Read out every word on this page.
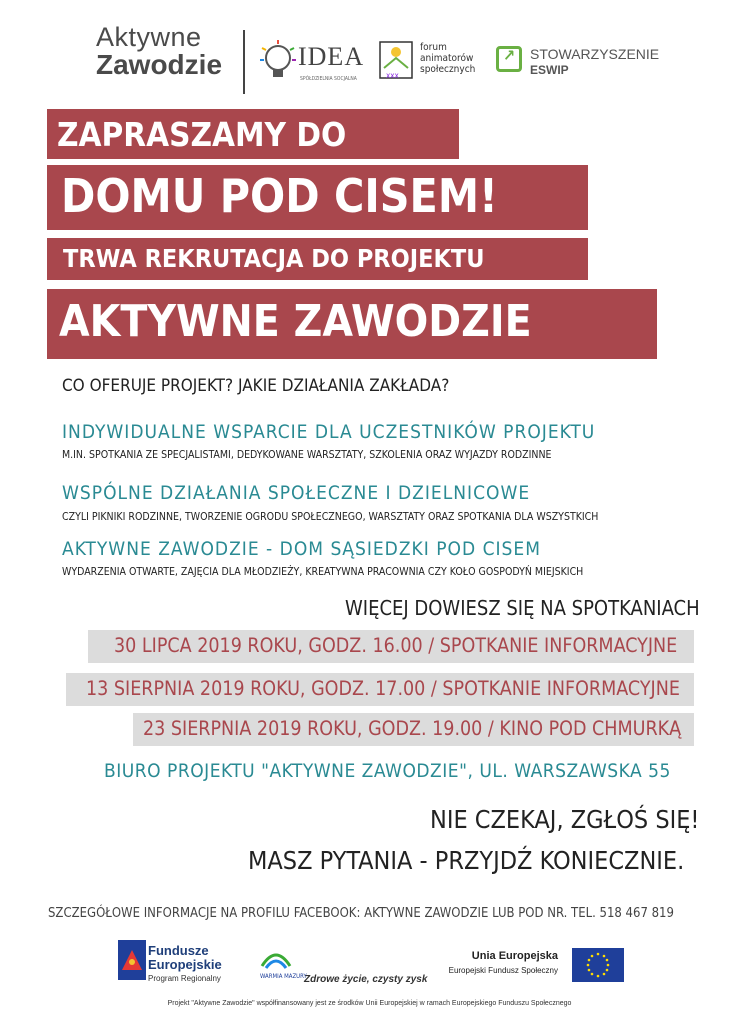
Aktywne
Zawodzie	IDEA
SPÓŁDZIELNIA SOCJALNA	xxx
forum
animatorów
społecznych
↗ STOWARZYSZENIE
ESWIP
ZAPRASZAMY DO
DOMU POD CISEM!
TRWA REKRUTACJA DO PROJEKTU
AKTYWNE ZAWODZIE
CO OFERUJE PROJEKT? JAKIE DZIAŁANIA ZAKŁADA?
INDYWIDUALNE WSPARCIE DLA UCZESTNIKÓW PROJEKTU
M.IN. SPOTKANIA ZE SPECJALISTAMI, DEDYKOWANE WARSZTATY, SZKOLENIA ORAZ WYJAZDY RODZINNE
WSPÓLNE DZIAŁANIA SPOŁECZNE I DZIELNICOWE
CZYLI PIKNIKI RODZINNE, TWORZENIE OGRODU SPOŁECZNEGO, WARSZTATY ORAZ SPOTKANIA DLA WSZYSTKICH
AKTYWNE ZAWODZIE - DOM SĄSIEDZKI POD CISEM
WYDARZENIA OTWARTE, ZAJĘCIA DLA MŁODZIEŻY, KREATYWNA PRACOWNIA CZY KOŁO GOSPODYŃ MIEJSKICH
WIĘCEJ DOWIESZ SIĘ NA SPOTKANIACH
30 LIPCA 2019 ROKU, GODZ. 16.00 / SPOTKANIE INFORMACYJNE
13 SIERPNIA 2019 ROKU, GODZ. 17.00 / SPOTKANIE INFORMACYJNE
23 SIERPNIA 2019 ROKU, GODZ. 19.00 / KINO POD CHMURKĄ
BIURO PROJEKTU "AKTYWNE ZAWODZIE", UL. WARSZAWSKA 55
NIE CZEKAJ, ZGŁOŚ SIĘ!
MASZ PYTANIA - PRZYJDŹ KONIECZNIE.
SZCZEGÓŁOWE INFORMACJE NA PROFILU FACEBOOK: AKTYWNE ZAWODZIE LUB POD NR. TEL. 518 467 819
Fundusze
Europejskie
Program Regionalny	WARMIA MAZURY
Zdrowe życie, czysty zysk
Unia Europejska
Europejski Fundusz Społeczny
Projekt "Aktywne Zawodzie" współfinansowany jest ze środków Unii Europejskiej w ramach Europejskiego Funduszu Społecznego
